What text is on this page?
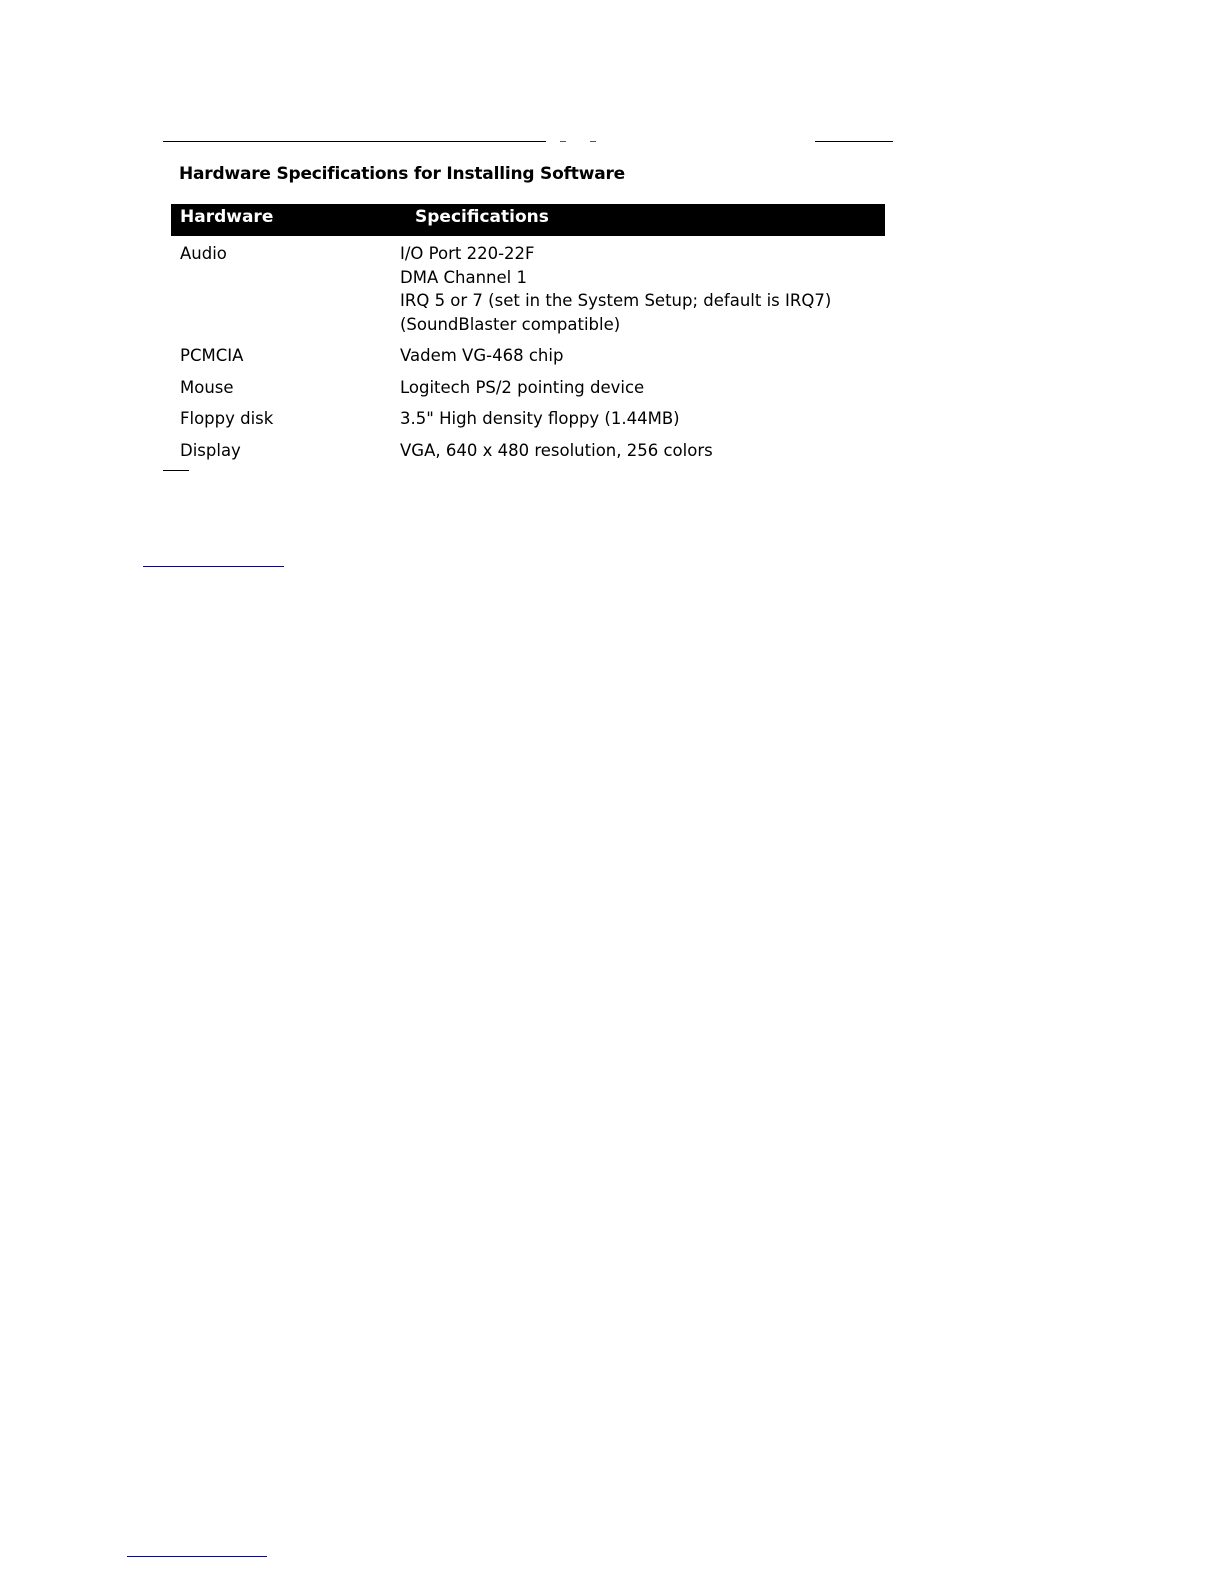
Hardware Specifications for Installing Software
Hardware	Specifications
Audio	I/O Port 220-22F
DMA Channel 1
IRQ 5 or 7 (set in the System Setup; default is IRQ7)
(SoundBlaster compatible)
PCMCIA	Vadem VG-468 chip
Mouse	Logitech PS/2 pointing device
Floppy disk	3.5" High density floppy (1.44MB)
Display	VGA, 640 x 480 resolution, 256 colors
